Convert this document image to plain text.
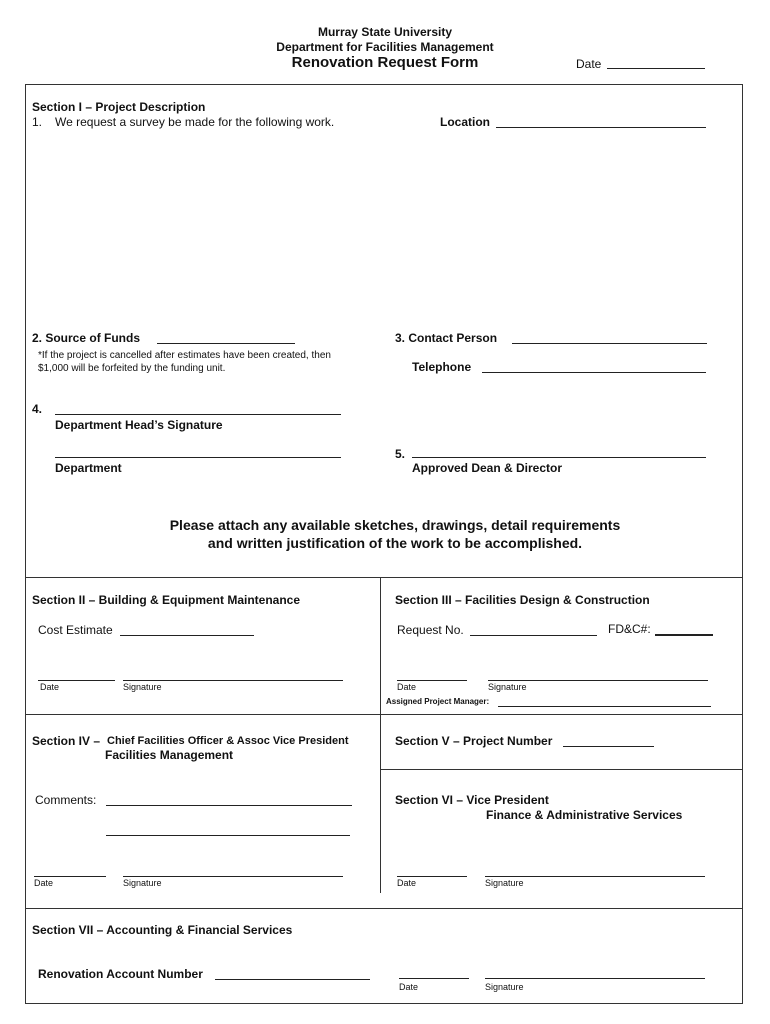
Murray State University
Department for Facilities Management
Renovation Request Form	Date
Section I – Project Description
1. We request a survey be made for the following work.	Location
2. Source of Funds
*If the project is cancelled after estimates have been created, then
$1,000 will be forfeited by the funding unit.
3. Contact Person
Telephone
4.
Department Head’s Signature
Department
5.
Approved Dean & Director
Please attach any available sketches, drawings, detail requirements
and written justification of the work to be accomplished.
Section II – Building & Equipment Maintenance
Cost Estimate
Date	Signature
Section III – Facilities Design & Construction
Request No.	FD&C#:
Date	Signature
Assigned Project Manager:
Section IV – Chief Facilities Officer & Assoc Vice President
Facilities Management
Comments:
Date	Signature
Section V – Project Number
Section VI – Vice President
Finance & Administrative Services
Date	Signature
Section VII – Accounting & Financial Services
Renovation Account Number
Date	Signature
